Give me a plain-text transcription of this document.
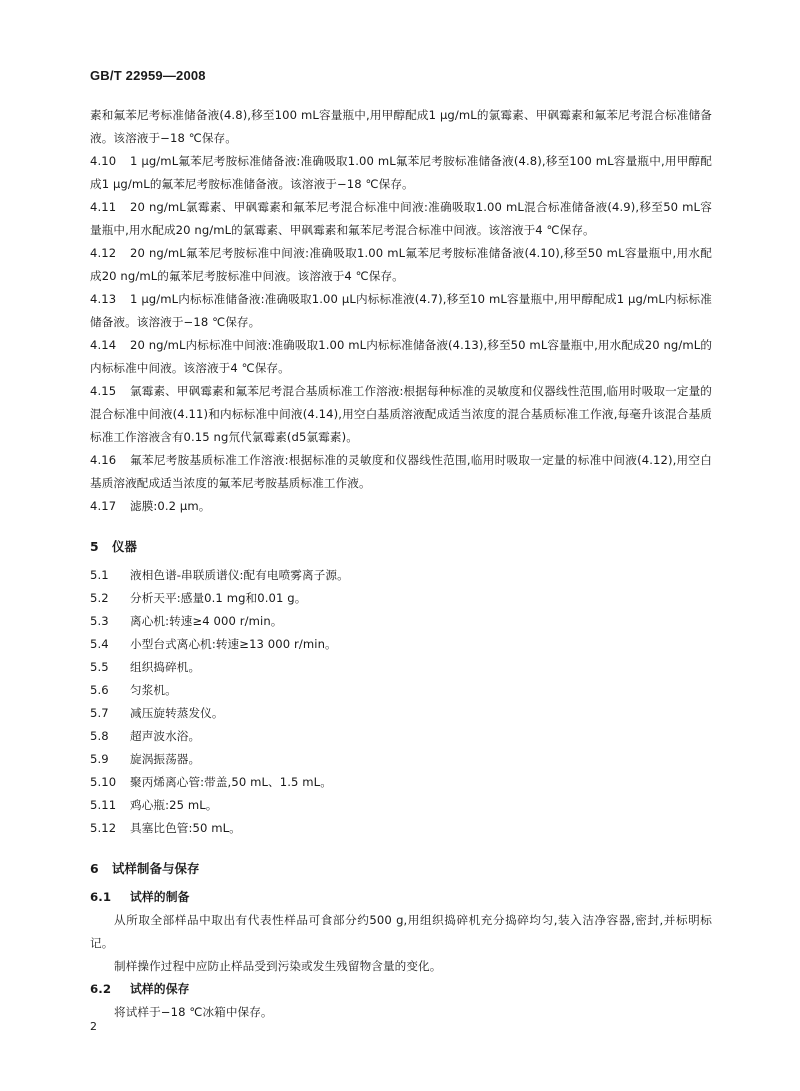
GB/T 22959—2008

素和氟苯尼考标准储备液(4.8),移至100 mL容量瓶中,用甲醇配成1 μg/mL的氯霉素、甲砜霉素和氟苯尼考混合标准储备液。该溶液于−18 ℃保存。

4.10 1 μg/mL氟苯尼考胺标准储备液:准确吸取1.00 mL氟苯尼考胺标准储备液(4.8),移至100 mL容量瓶中,用甲醇配成1 μg/mL的氟苯尼考胺标准储备液。该溶液于−18 ℃保存。

4.11 20 ng/mL氯霉素、甲砜霉素和氟苯尼考混合标准中间液:准确吸取1.00 mL混合标准储备液(4.9),移至50 mL容量瓶中,用水配成20 ng/mL的氯霉素、甲砜霉素和氟苯尼考混合标准中间液。该溶液于4 ℃保存。

4.12 20 ng/mL氟苯尼考胺标准中间液:准确吸取1.00 mL氟苯尼考胺标准储备液(4.10),移至50 mL容量瓶中,用水配成20 ng/mL的氟苯尼考胺标准中间液。该溶液于4 ℃保存。

4.13 1 μg/mL内标标准储备液:准确吸取1.00 μL内标标准液(4.7),移至10 mL容量瓶中,用甲醇配成1 μg/mL内标标准储备液。该溶液于−18 ℃保存。

4.14 20 ng/mL内标标准中间液:准确吸取1.00 mL内标标准储备液(4.13),移至50 mL容量瓶中,用水配成20 ng/mL的内标标准中间液。该溶液于4 ℃保存。

4.15 氯霉素、甲砜霉素和氟苯尼考混合基质标准工作溶液:根据每种标准的灵敏度和仪器线性范围,临用时吸取一定量的混合标准中间液(4.11)和内标标准中间液(4.14),用空白基质溶液配成适当浓度的混合基质标准工作液,每毫升该混合基质标准工作溶液含有0.15 ng氘代氯霉素(d5氯霉素)。

4.16 氟苯尼考胺基质标准工作溶液:根据标准的灵敏度和仪器线性范围,临用时吸取一定量的标准中间液(4.12),用空白基质溶液配成适当浓度的氟苯尼考胺基质标准工作液。

4.17 滤膜:0.2 μm。

5 仪器

5.1 液相色谱-串联质谱仪:配有电喷雾离子源。

5.2 分析天平:感量0.1 mg和0.01 g。

5.3 离心机:转速≥4 000 r/min。

5.4 小型台式离心机:转速≥13 000 r/min。

5.5 组织捣碎机。

5.6 匀浆机。

5.7 减压旋转蒸发仪。

5.8 超声波水浴。

5.9 旋涡振荡器。

5.10 聚丙烯离心管:带盖,50 mL、1.5 mL。

5.11 鸡心瓶:25 mL。

5.12 具塞比色管:50 mL。

6 试样制备与保存
6.1 试样的制备

从所取全部样品中取出有代表性样品可食部分约500 g,用组织捣碎机充分捣碎均匀,装入洁净容器,密封,并标明标记。

制样操作过程中应防止样品受到污染或发生残留物含量的变化。

6.2 试样的保存

将试样于−18 ℃冰箱中保存。

2
